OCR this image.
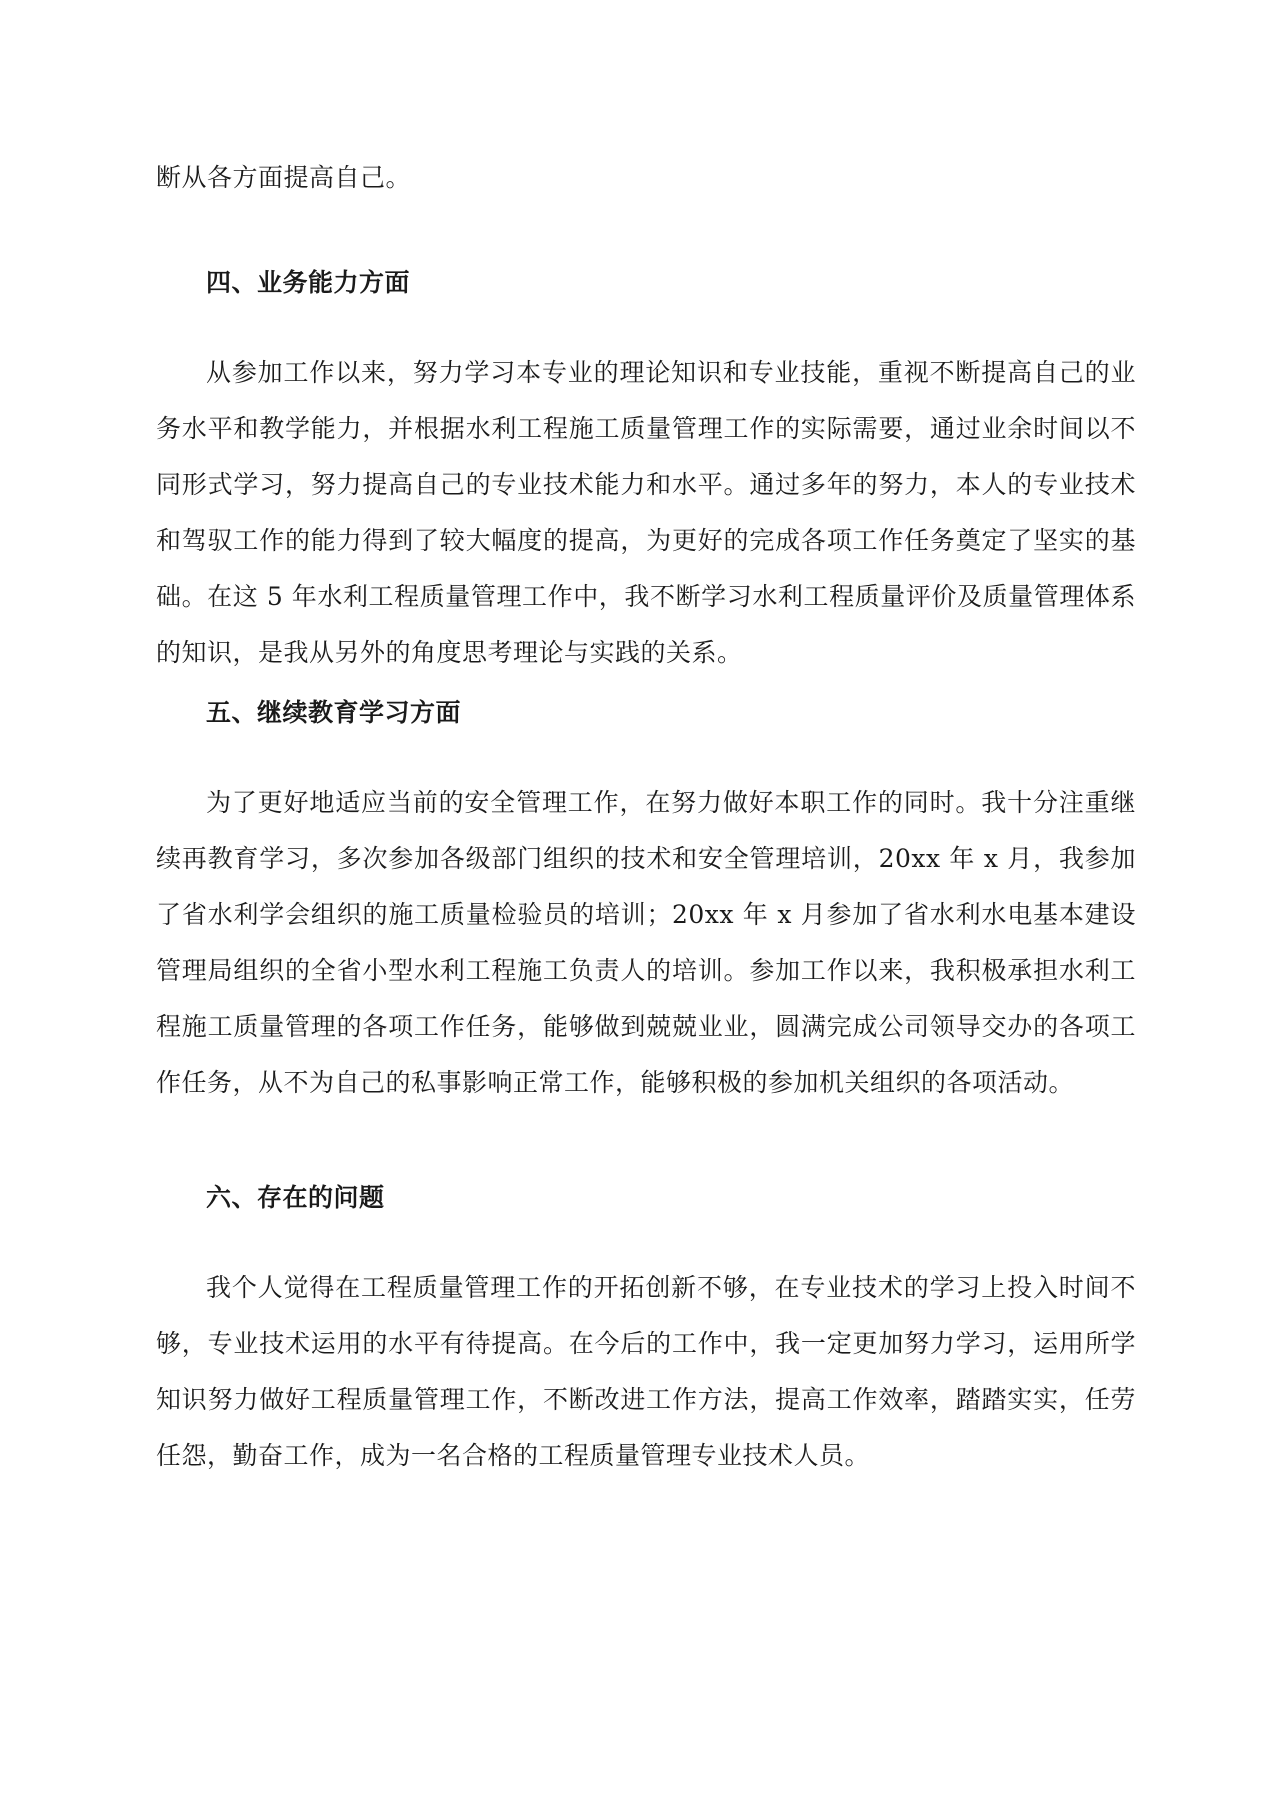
断从各方面提高自己。

四、业务能力方面

从参加工作以来，努力学习本专业的理论知识和专业技能，重视不断提高自己的业务水平和教学能力，并根据水利工程施工质量管理工作的实际需要，通过业余时间以不同形式学习，努力提高自己的专业技术能力和水平。通过多年的努力，本人的专业技术和驾驭工作的能力得到了较大幅度的提高，为更好的完成各项工作任务奠定了坚实的基础。在这 5 年水利工程质量管理工作中，我不断学习水利工程质量评价及质量管理体系的知识，是我从另外的角度思考理论与实践的关系。

五、继续教育学习方面

为了更好地适应当前的安全管理工作，在努力做好本职工作的同时。我十分注重继续再教育学习，多次参加各级部门组织的技术和安全管理培训，20xx 年 x 月，我参加了省水利学会组织的施工质量检验员的培训；20xx 年 x 月参加了省水利水电基本建设管理局组织的全省小型水利工程施工负责人的培训。参加工作以来，我积极承担水利工程施工质量管理的各项工作任务，能够做到兢兢业业，圆满完成公司领导交办的各项工作任务，从不为自己的私事影响正常工作，能够积极的参加机关组织的各项活动。

六、存在的问题

我个人觉得在工程质量管理工作的开拓创新不够，在专业技术的学习上投入时间不够，专业技术运用的水平有待提高。在今后的工作中，我一定更加努力学习，运用所学知识努力做好工程质量管理工作，不断改进工作方法，提高工作效率，踏踏实实，任劳任怨，勤奋工作，成为一名合格的工程质量管理专业技术人员。
